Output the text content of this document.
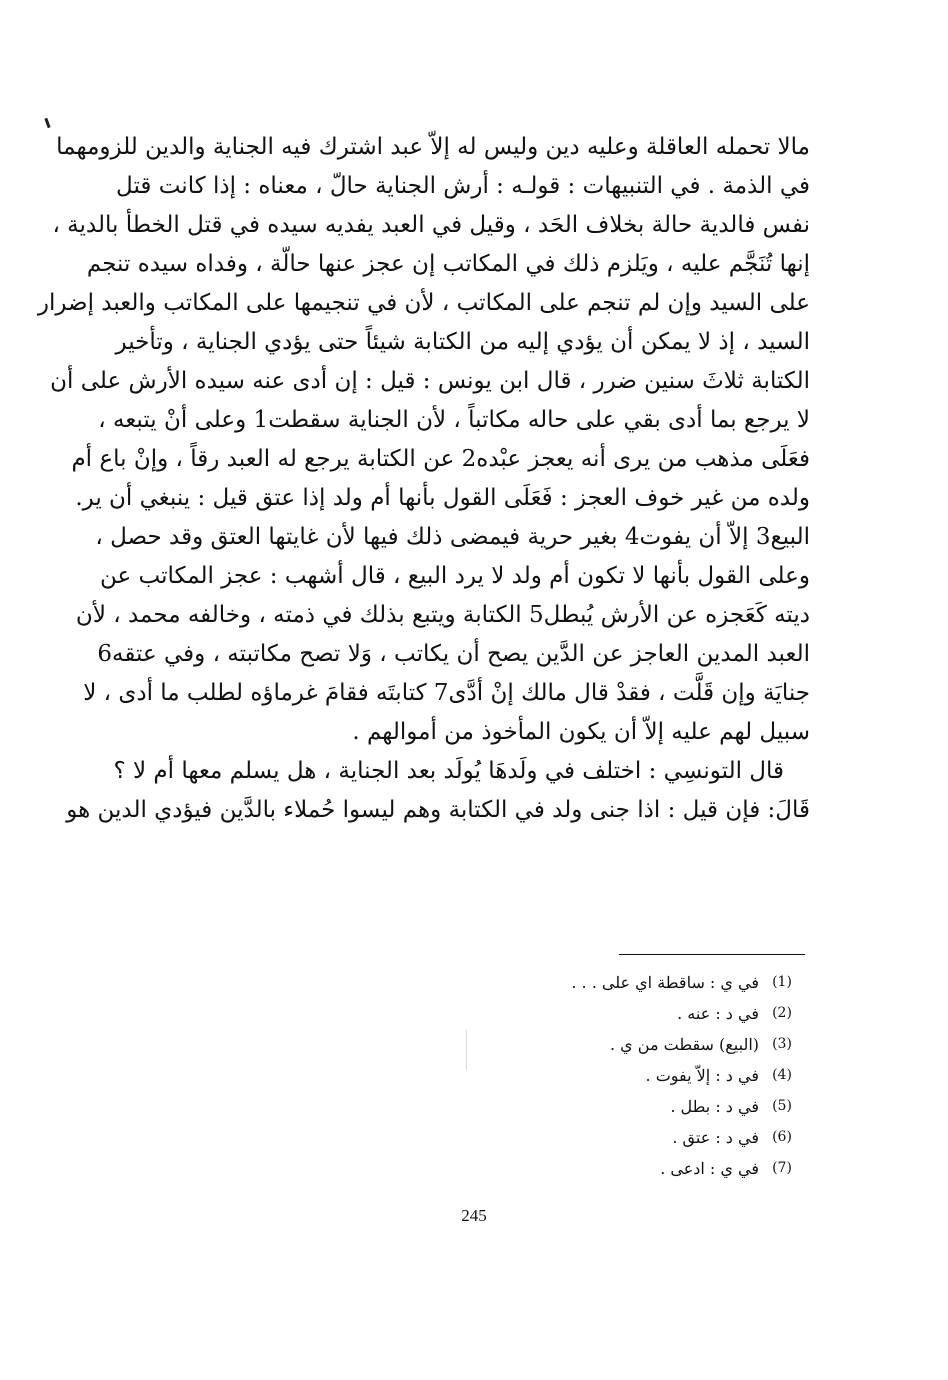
مالا تحمله العاقلة وعليه دين وليس له إلاّ عبد اشترك فيه الجناية والدين للزومهما
في الذمة . في التنبيهات : قولـه : أرش الجناية حالّ ، معناه : إذا كانت قتل
نفس فالدية حالة بخلاف الحَد ، وقيل في العبد يفديه سيده في قتل الخطأ بالدية ،
إنها تُنَجَّم عليه ، ويَلزم ذلك في المكاتب إن عجز عنها حالّة ، وفداه سيده تنجم
على السيد وإن لم تنجم على المكاتب ، لأن في تنجيمها على المكاتب والعبد إضرار
السيد ، إذ لا يمكن أن يؤدي إليه من الكتابة شيئاً حتى يؤدي الجناية ، وتأخير
الكتابة ثلاثَ سنين ضرر ، قال ابن يونس : قيل : إن أدى عنه سيده الأرش على أن
لا يرجع بما أدى بقي على حاله مكاتباً ، لأن الجناية سقطت1 وعلى أنْ يتبعه ،
فعَلَى مذهب من يرى أنه يعجز عبْده2 عن الكتابة يرجع له العبد رقاً ، وإنْ باع أم
ولده من غير خوف العجز : فَعَلَى القول بأنها أم ولد إذا عتق قيل : ينبغي أن ير.
البيع3 إلاّ أن يفوت4 بغير حرية فيمضى ذلك فيها لأن غايتها العتق وقد حصل ،
وعلى القول بأنها لا تكون أم ولد لا يرد البيع ، قال أشهب : عجز المكاتب عن
ديته كَعَجزه عن الأرش يُبطل5 الكتابة ويتبع بذلك في ذمته ، وخالفه محمد ، لأن
العبد المدين العاجز عن الدَّين يصح أن يكاتب ، وَلا تصح مكاتبته ، وفي عتقه6
جنايَة وإن قَلَّت ، فقدْ قال مالك إنْ أدَّى7 كتابتَه فقامَ غرماؤه لطلب ما أدى ، لا
سبيل لهم عليه إلاّ أن يكون المأخوذ من أموالهم .
قال التونسِي : اختلف في ولَدهَا يُولَد بعد الجناية ، هل يسلم معها أم لا ؟
قَالَ: فإن قيل : اذا جنى ولد في الكتابة وهم ليسوا حُملاء بالدَّين فيؤدي الدين هو
(1)
في ي : ساقطة اي على . . .
(2)
في د : عنه .
(3)
(البيع) سقطت من ي .
(4)
في د : إلاّ يفوت .
(5)
في د : بطل .
(6)
في د : عتق .
(7)
في ي : ادعى .
245
